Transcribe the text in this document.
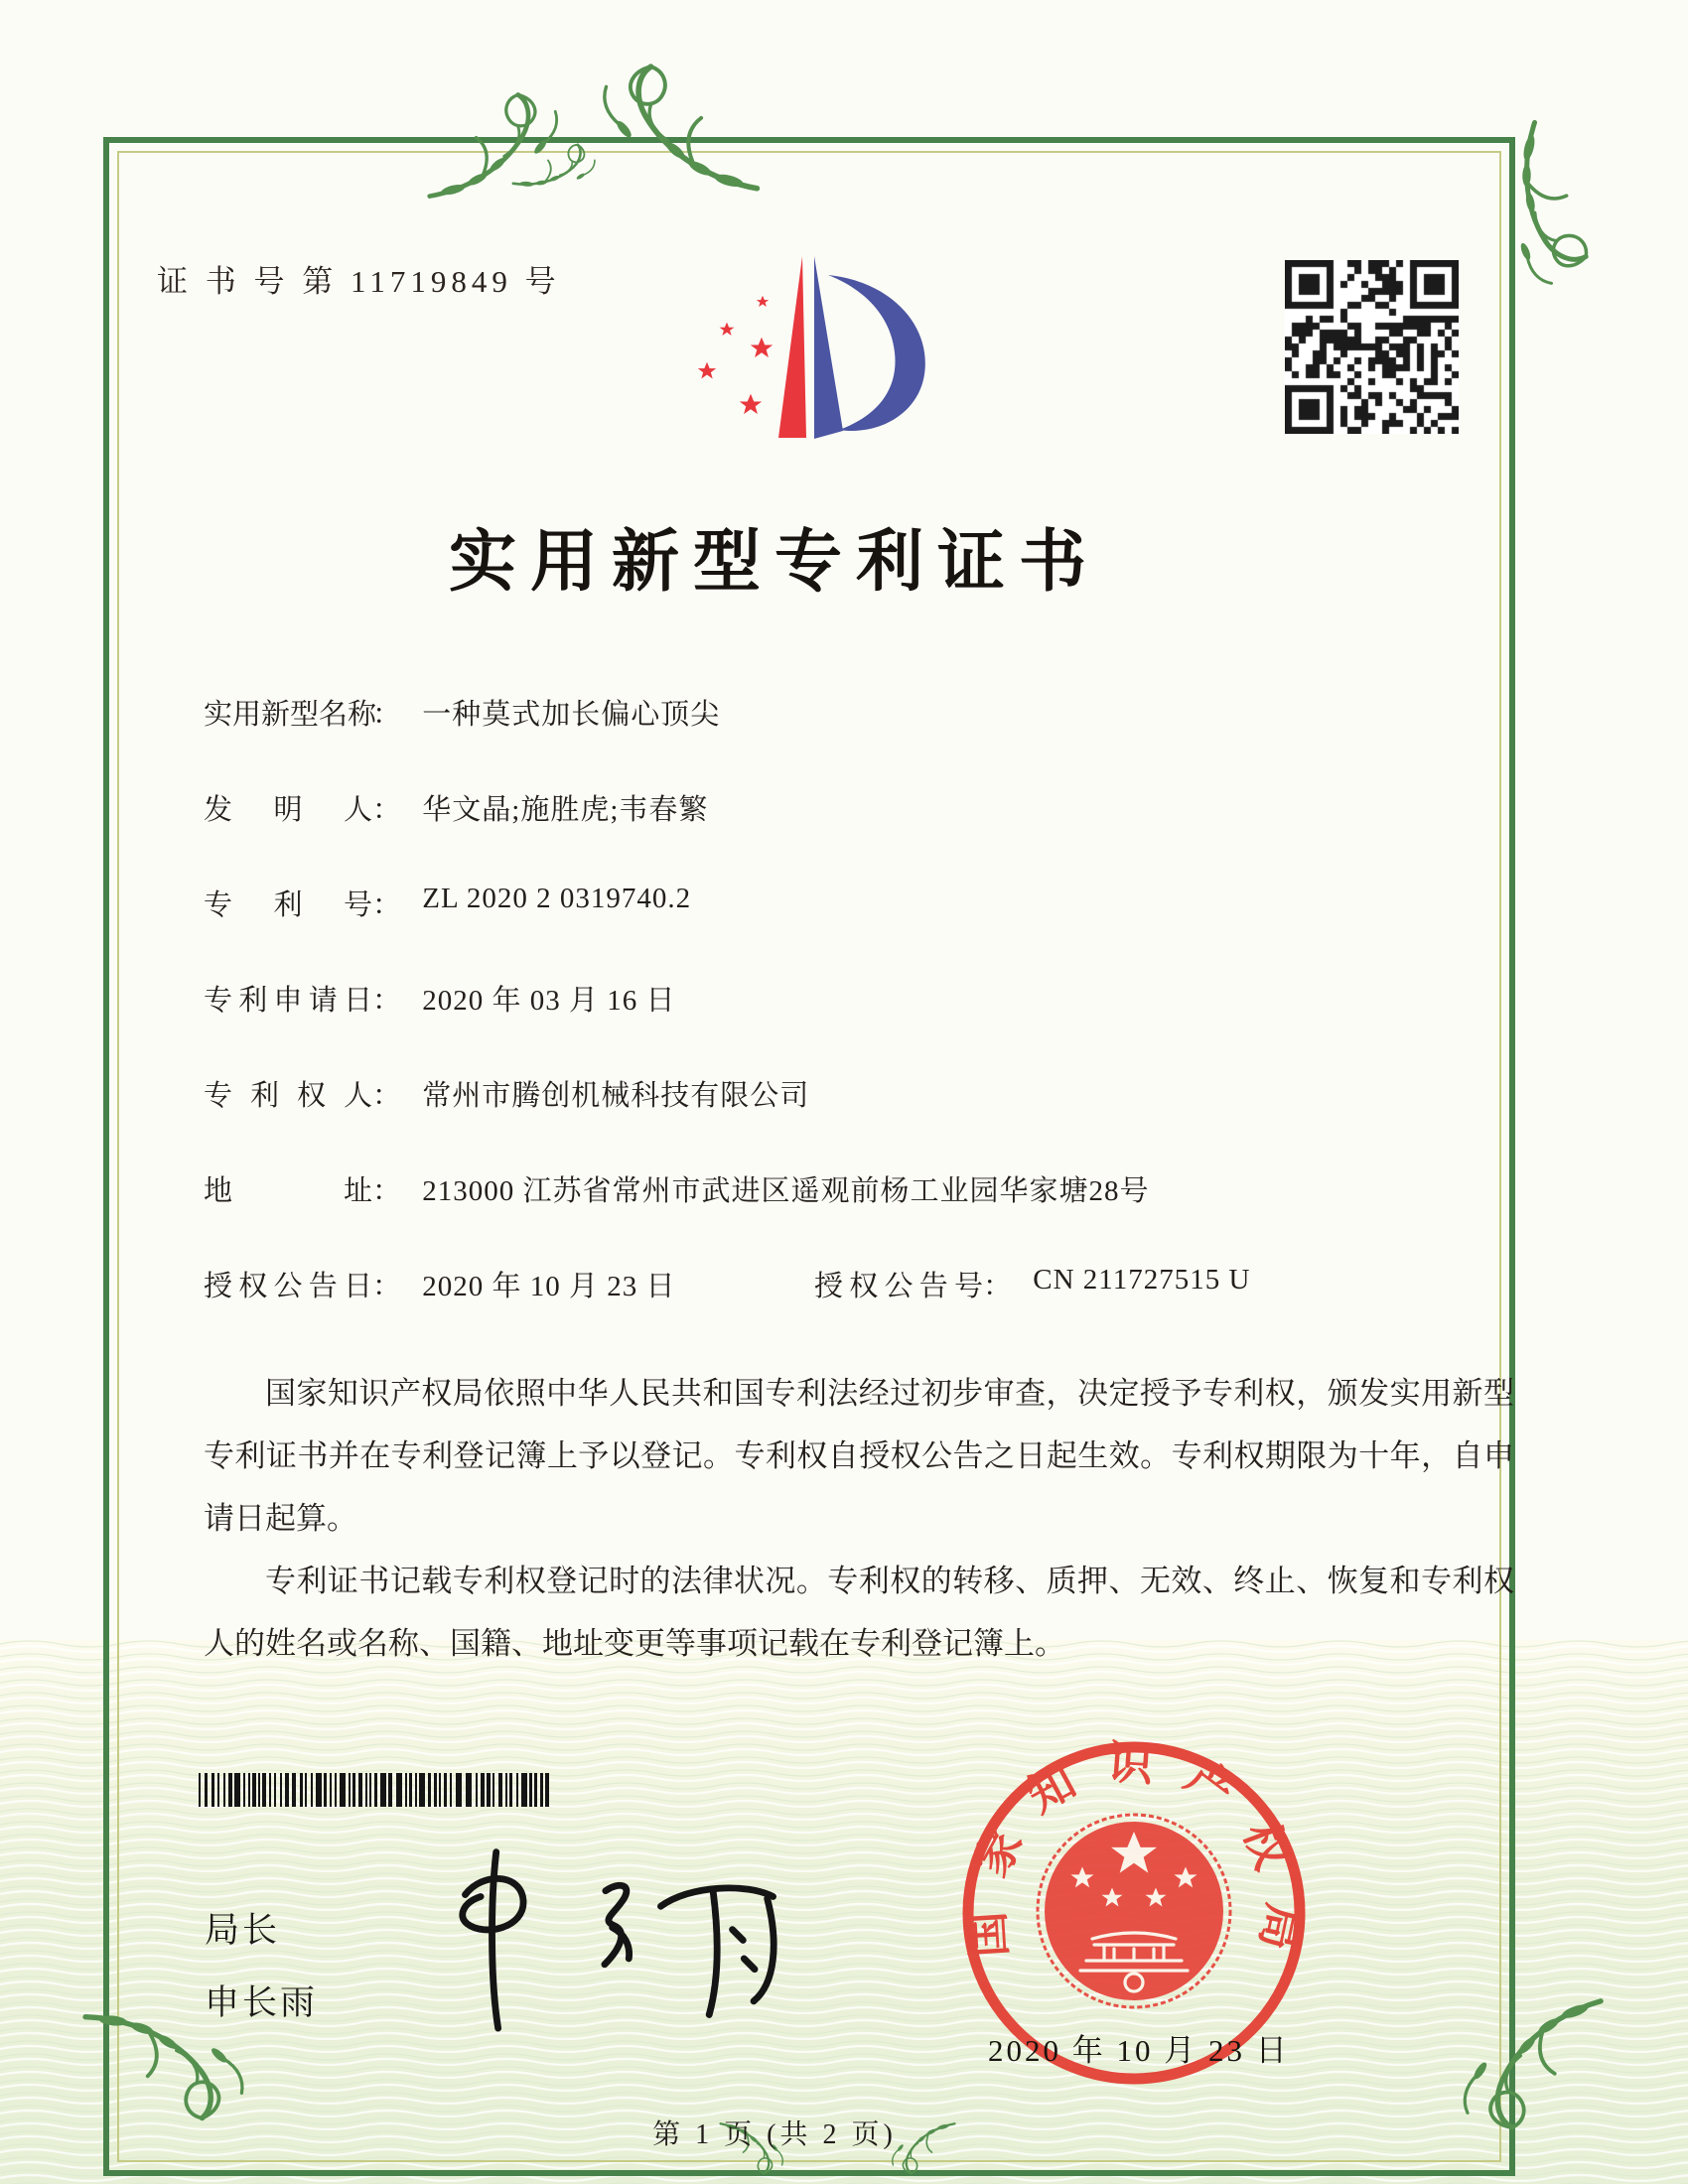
证 书 号 第 11719849 号
实用新型专利证书
实用新型名称： 一种莫式加长偏心顶尖
发明人： 华文晶;施胜虎;韦春繁
专利号： ZL 2020 2 0319740.2
专利申请日： 2020 年 03 月 16 日
专利权人： 常州市腾创机械科技有限公司
地址： 213000 江苏省常州市武进区遥观前杨工业园华家塘28号
授权公告日： 2020 年 10 月 23 日	授权公告号： CN 211727515 U

国家知识产权局依照中华人民共和国专利法经过初步审查，决定授予专利权，颁发实用新型专利证书并在专利登记簿上予以登记。专利权自授权公告之日起生效。专利权期限为十年，自申请日起算。

专利证书记载专利权登记时的法律状况。专利权的转移、质押、无效、终止、恢复和专利权人的姓名或名称、国籍、地址变更等事项记载在专利登记簿上。

局长
申长雨
国家知识产权局
2020 年 10 月 23 日
第 1 页 (共 2 页)
